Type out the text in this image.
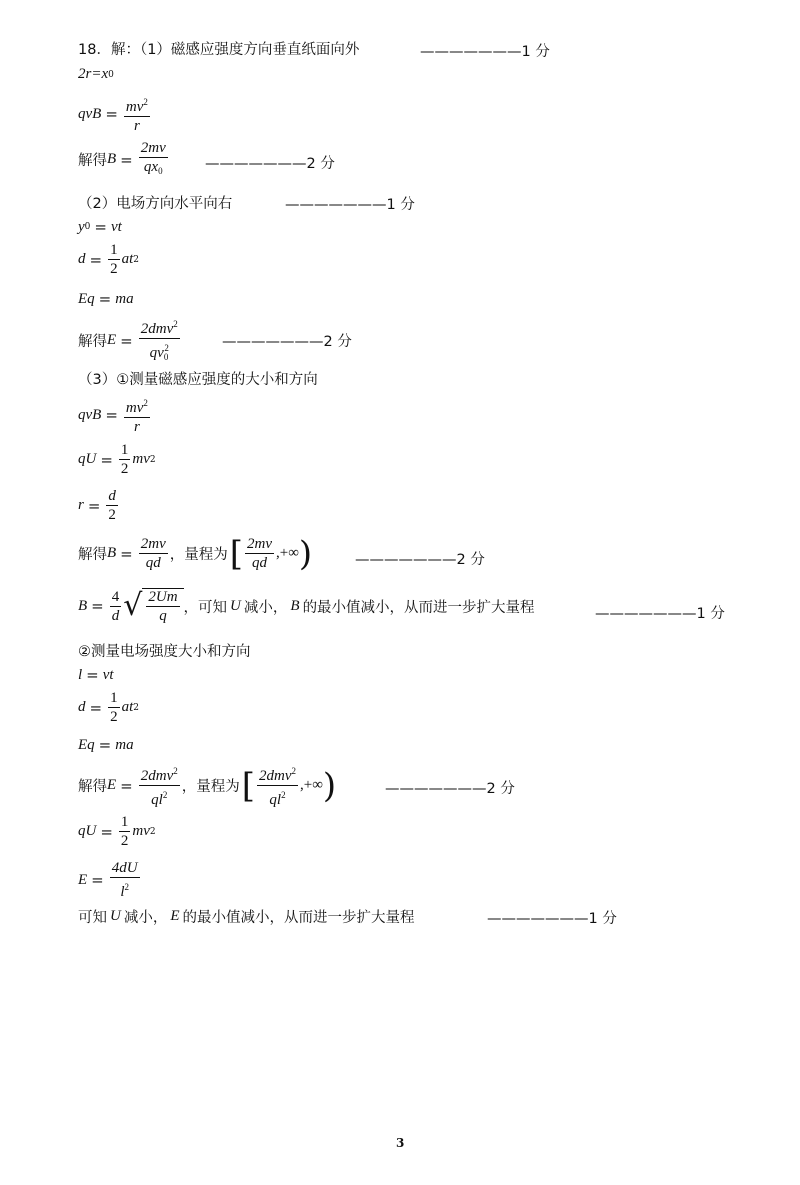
18．解：（1）磁感应强度方向垂直纸面向外	———————1 分
2r=x 0
qvB = $\frac{mv^2}{r}$
解得 $B = \frac{2mv}{qx_0}$	———————2 分
（2）电场方向水平向右	———————1 分
y 0 = vt
$d = \frac{1}{2}$ at 2
Eq = ma
解得 $E = \frac{2dmv^2}{qv_0^2}$	———————2 分
（3）①测量磁感应强度的大小和方向
qvB = $\frac{mv^2}{r}$
qU = $\frac{1}{2}$ mv 2
$r = \frac{d}{2}$
解得 $B = \frac{2mv}{qd}$ ，量程为 [ $\frac{2mv}{qd}$ ,+∞ )	———————2 分
$B = \frac{4}{d}$ √ $\frac{2Um}{q}$ ，可知 U 减小， B 的最小值减小，从而进一步扩大量程	———————1 分
②测量电场强度大小和方向
l = vt
$d = \frac{1}{2}$ at 2
Eq = ma
解得 $E = \frac{2dmv^2}{ql^2}$ ，量程为 [ $\frac{2dmv^2}{ql^2}$ ,+∞ )	———————2 分
qU = $\frac{1}{2}$ mv 2
$E = \frac{4dU}{l^2}$
可知 U 减小， E 的最小值减小，从而进一步扩大量程	———————1 分
3
